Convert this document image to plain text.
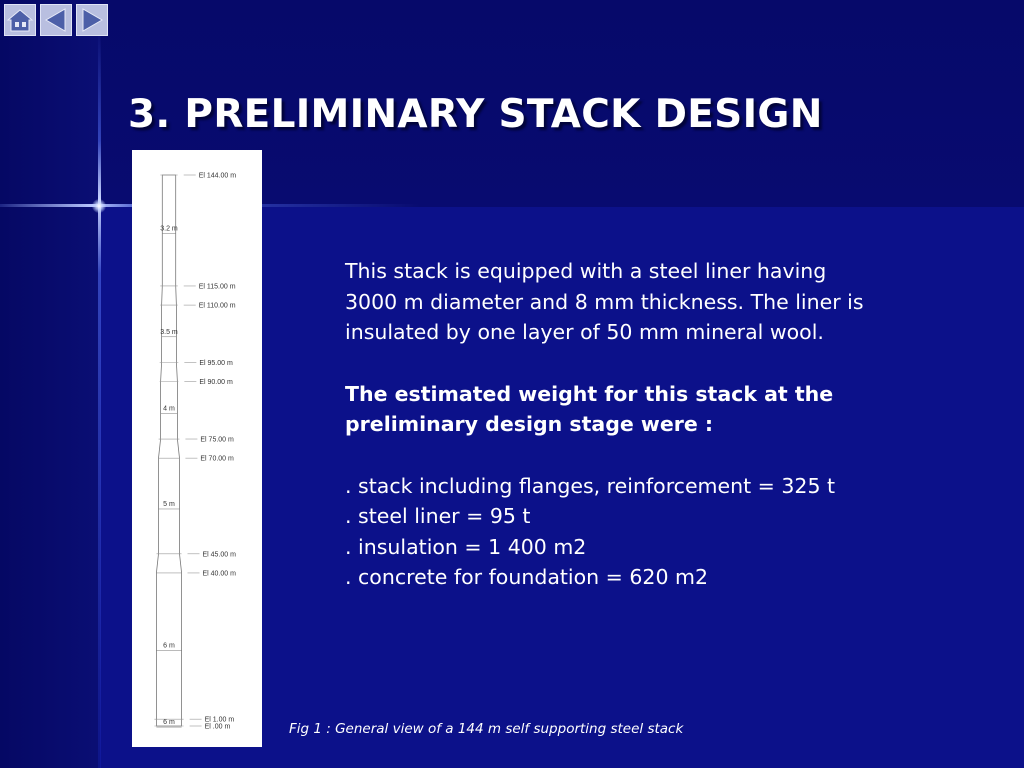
3. PRELIMINARY STACK DESIGN
El 144.00 m
El 115.00 m
El 110.00 m
El 95.00 m
El 90.00 m
El 75.00 m
El 70.00 m
El 45.00 m
El 40.00 m
El 1.00 m
El .00 m
3.2 m
3.5 m
4 m
5 m
6 m
6 m

This stack is equipped with a steel liner having

3000 m diameter and 8 mm thickness. The liner is

insulated by one layer of 50 mm mineral wool.

The estimated weight for this stack at the

preliminary design stage were :

. stack including flanges, reinforcement = 325 t

. steel liner = 95 t

. insulation = 1 400 m2

. concrete for foundation = 620 m2

Fig 1 : General view of a 144 m self supporting steel stack
